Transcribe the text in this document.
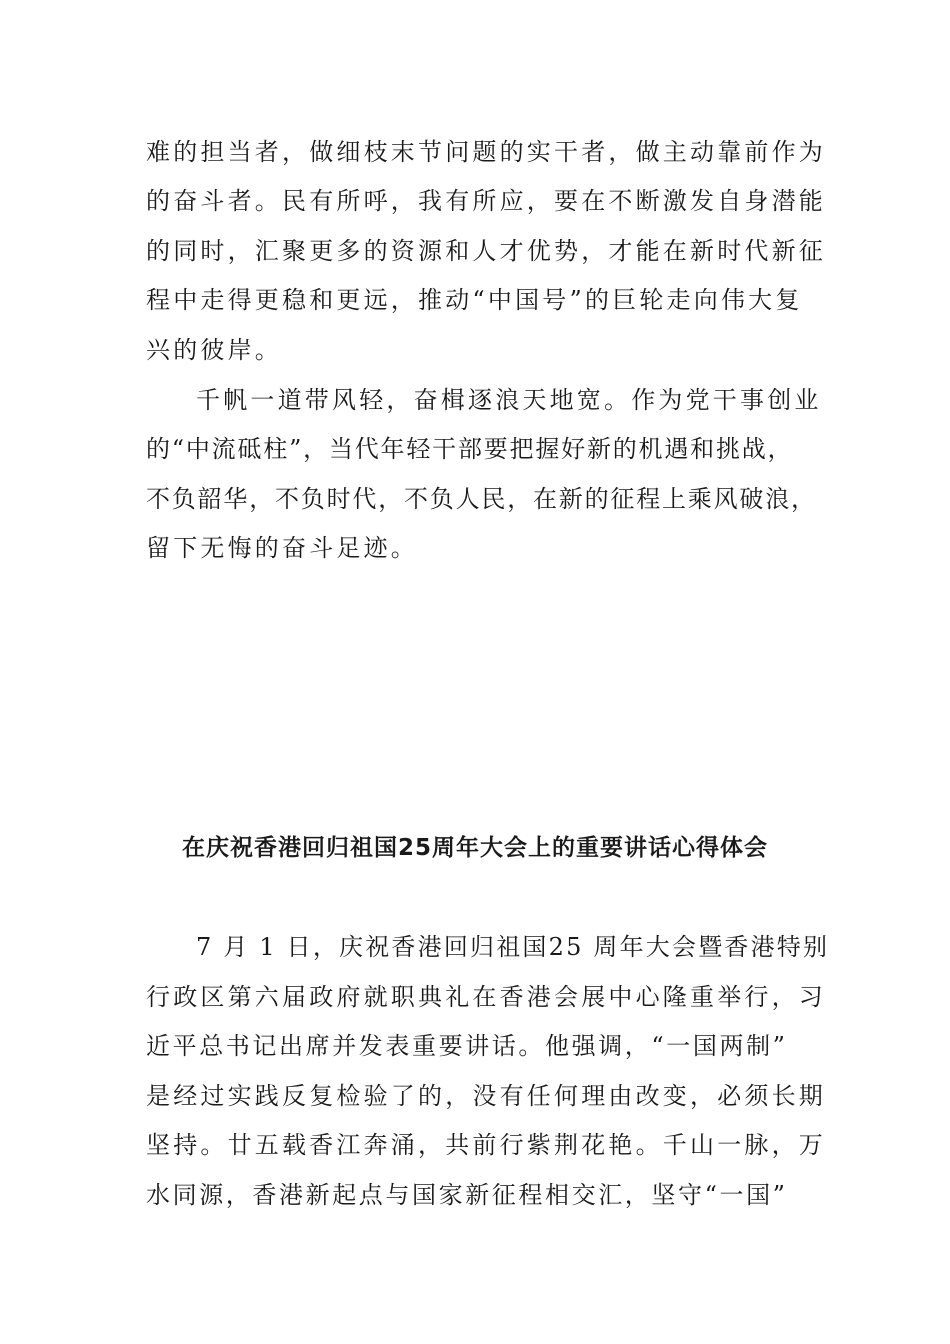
难的担当者，做细枝末节问题的实干者，做主动靠前作为
的奋斗者。民有所呼，我有所应，要在不断激发自身潜能
的同时，汇聚更多的资源和人才优势，才能在新时代新征
程中走得更稳和更远，推动“中国号”的巨轮走向伟大复
兴的彼岸。
千帆一道带风轻，奋楫逐浪天地宽。作为党干事创业
的“中流砥柱”，当代年轻干部要把握好新的机遇和挑战，
不负韶华，不负时代，不负人民，在新的征程上乘风破浪，
留下无悔的奋斗足迹。
在庆祝香港回归祖国25周年大会上的重要讲话心得体会
7 月 1 日，庆祝香港回归祖国25 周年大会暨香港特别
行政区第六届政府就职典礼在香港会展中心隆重举行，习
近平总书记出席并发表重要讲话。他强调，“一国两制”
是经过实践反复检验了的，没有任何理由改变，必须长期
坚持。廿五载香江奔涌，共前行紫荆花艳。千山一脉，万
水同源，香港新起点与国家新征程相交汇，坚守“一国”
